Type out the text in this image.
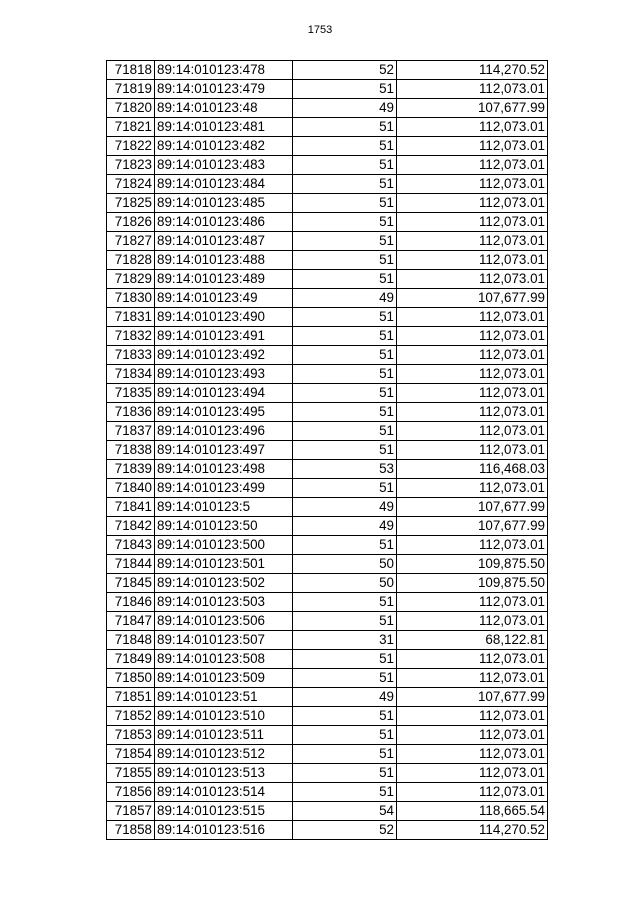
1753
71818	89:14:010123:478	52	114,270.52
71819	89:14:010123:479	51	112,073.01
71820	89:14:010123:48	49	107,677.99
71821	89:14:010123:481	51	112,073.01
71822	89:14:010123:482	51	112,073.01
71823	89:14:010123:483	51	112,073.01
71824	89:14:010123:484	51	112,073.01
71825	89:14:010123:485	51	112,073.01
71826	89:14:010123:486	51	112,073.01
71827	89:14:010123:487	51	112,073.01
71828	89:14:010123:488	51	112,073.01
71829	89:14:010123:489	51	112,073.01
71830	89:14:010123:49	49	107,677.99
71831	89:14:010123:490	51	112,073.01
71832	89:14:010123:491	51	112,073.01
71833	89:14:010123:492	51	112,073.01
71834	89:14:010123:493	51	112,073.01
71835	89:14:010123:494	51	112,073.01
71836	89:14:010123:495	51	112,073.01
71837	89:14:010123:496	51	112,073.01
71838	89:14:010123:497	51	112,073.01
71839	89:14:010123:498	53	116,468.03
71840	89:14:010123:499	51	112,073.01
71841	89:14:010123:5	49	107,677.99
71842	89:14:010123:50	49	107,677.99
71843	89:14:010123:500	51	112,073.01
71844	89:14:010123:501	50	109,875.50
71845	89:14:010123:502	50	109,875.50
71846	89:14:010123:503	51	112,073.01
71847	89:14:010123:506	51	112,073.01
71848	89:14:010123:507	31	68,122.81
71849	89:14:010123:508	51	112,073.01
71850	89:14:010123:509	51	112,073.01
71851	89:14:010123:51	49	107,677.99
71852	89:14:010123:510	51	112,073.01
71853	89:14:010123:511	51	112,073.01
71854	89:14:010123:512	51	112,073.01
71855	89:14:010123:513	51	112,073.01
71856	89:14:010123:514	51	112,073.01
71857	89:14:010123:515	54	118,665.54
71858	89:14:010123:516	52	114,270.52
